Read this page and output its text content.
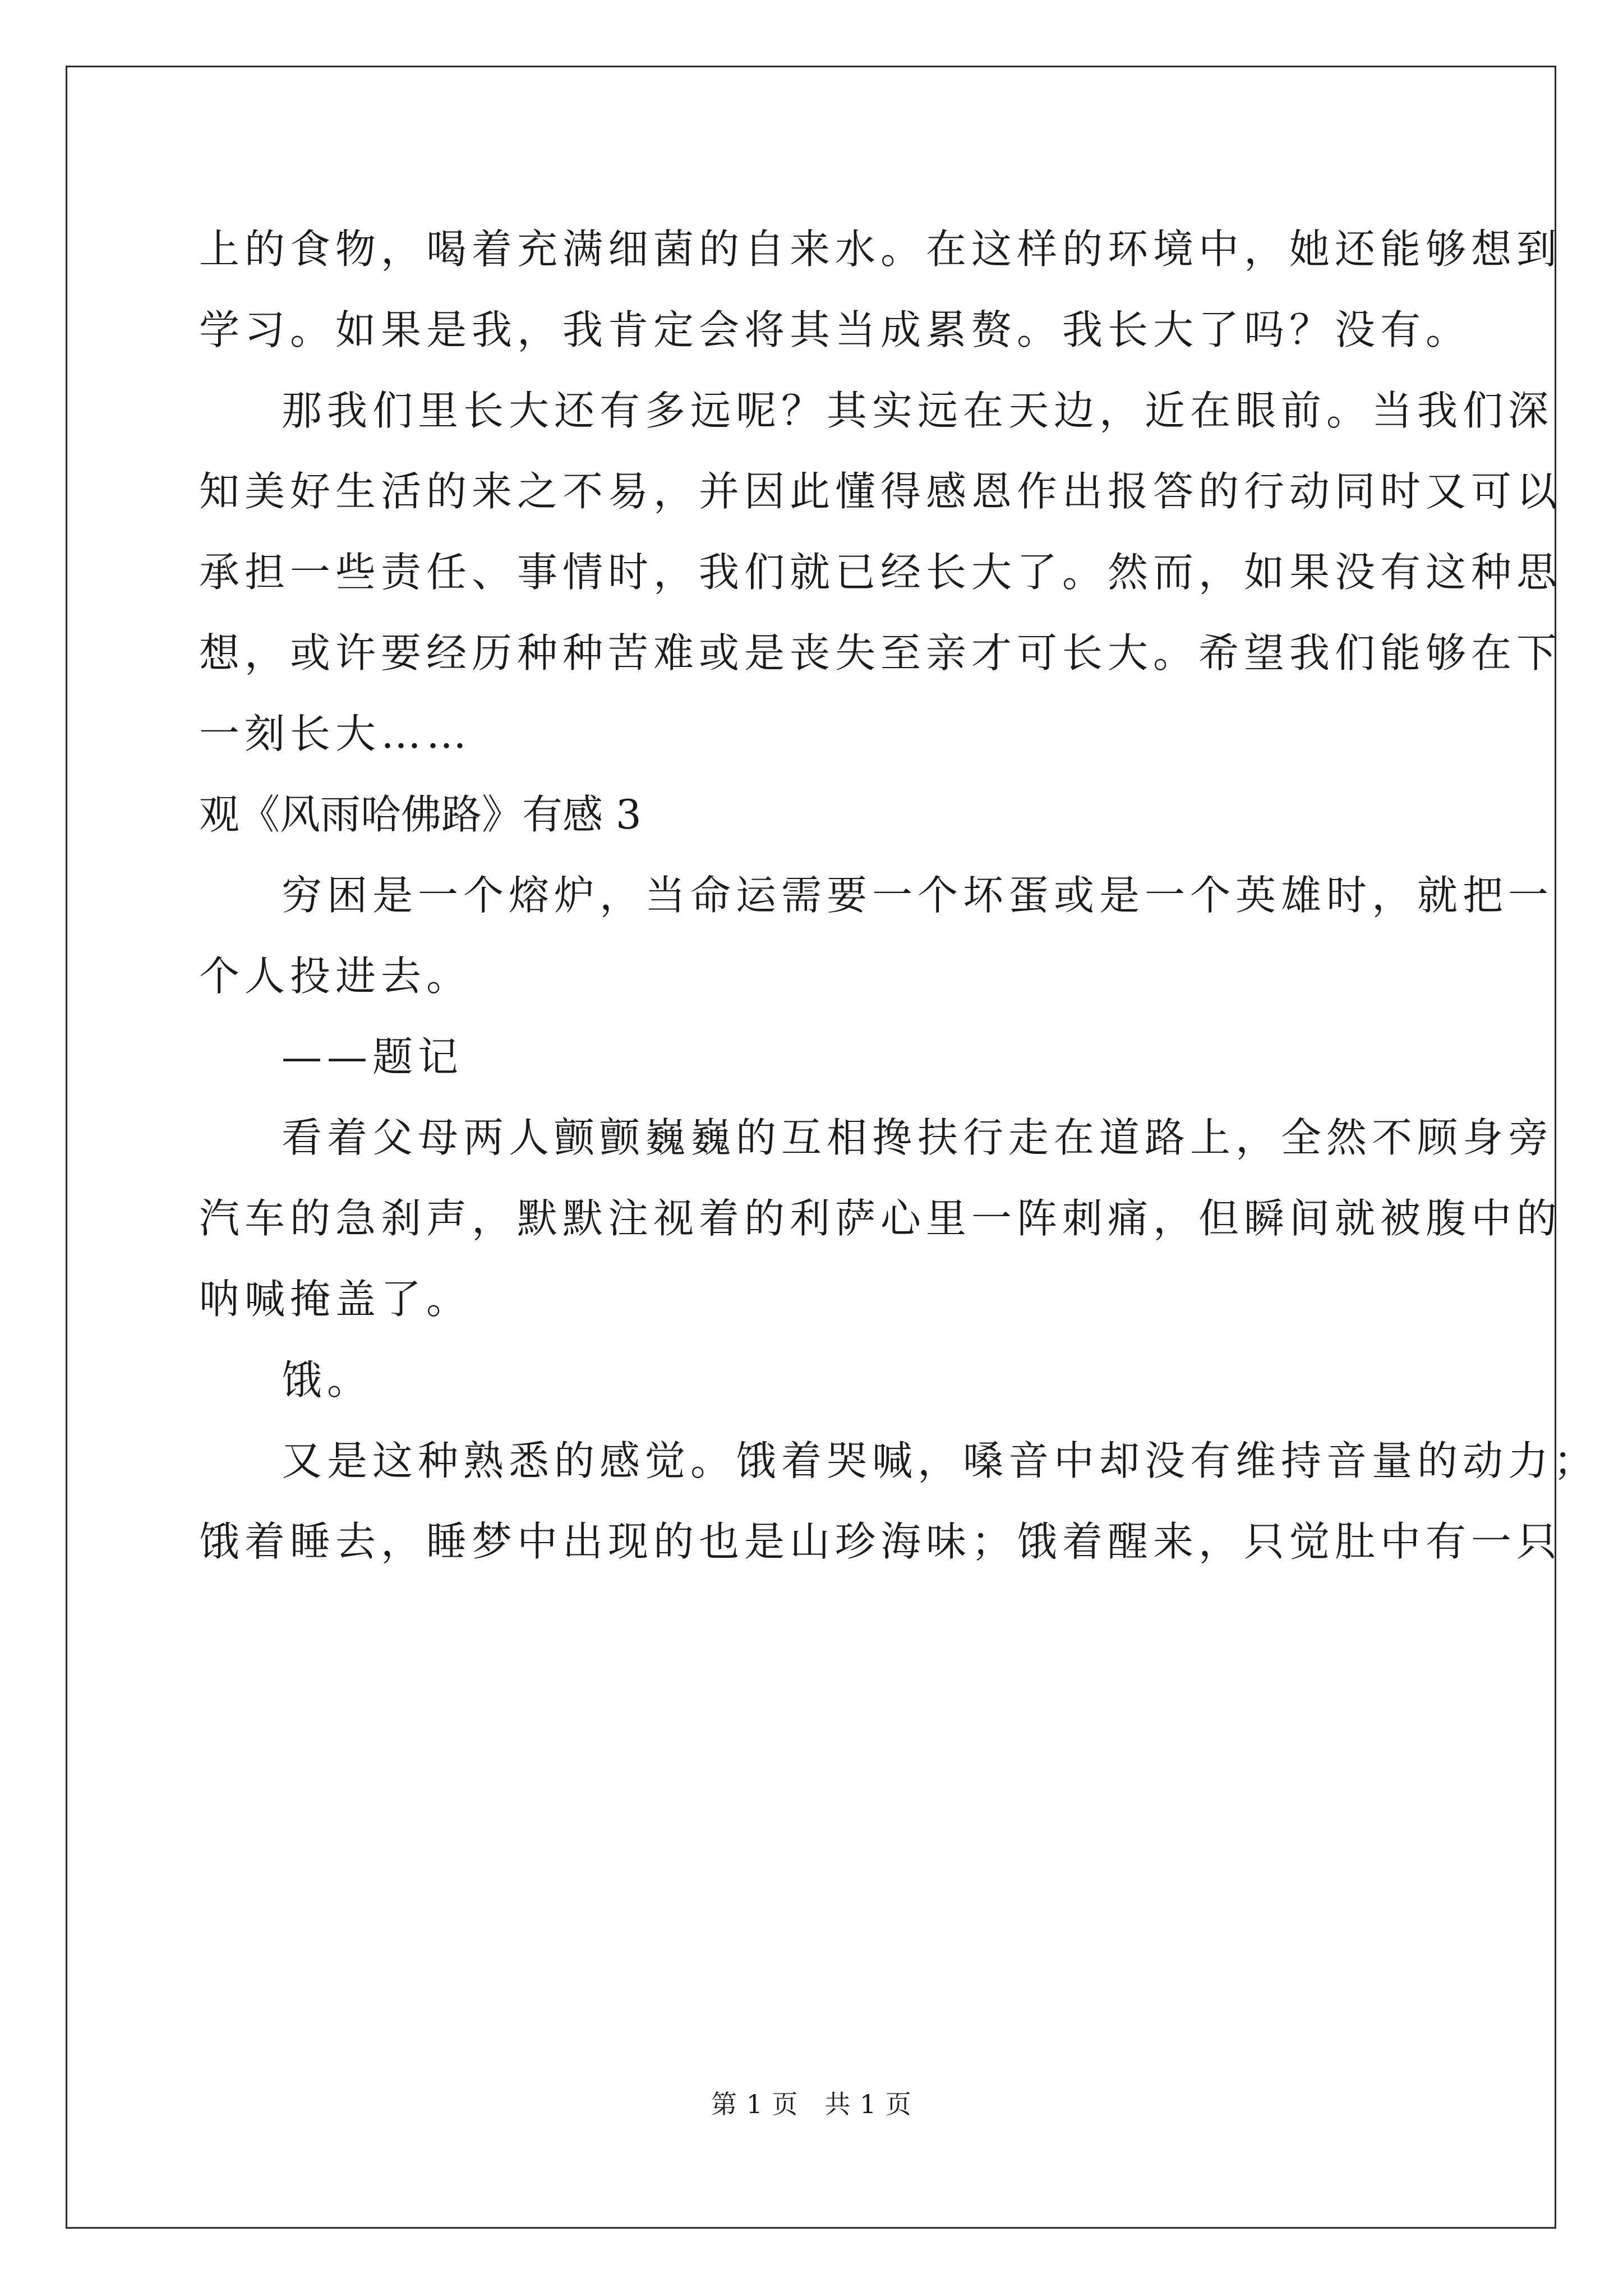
上的食物，喝着充满细菌的自来水。在这样的环境中，她还能够想到
学习。如果是我，我肯定会将其当成累赘。我长大了吗？没有。
那我们里长大还有多远呢？其实远在天边，近在眼前。当我们深
知美好生活的来之不易，并因此懂得感恩作出报答的行动同时又可以
承担一些责任、事情时，我们就已经长大了。然而，如果没有这种思
想，或许要经历种种苦难或是丧失至亲才可长大。希望我们能够在下
一刻长大……
观《风雨哈佛路》有感 3
穷困是一个熔炉，当命运需要一个坏蛋或是一个英雄时，就把一
个人投进去。
——题记
看着父母两人颤颤巍巍的互相搀扶行走在道路上，全然不顾身旁
汽车的急刹声，默默注视着的利萨心里一阵刺痛，但瞬间就被腹中的
呐喊掩盖了。
饿。
又是这种熟悉的感觉。饿着哭喊，嗓音中却没有维持音量的动力；
饿着睡去，睡梦中出现的也是山珍海味；饿着醒来，只觉肚中有一只
第 1 页   共 1 页
